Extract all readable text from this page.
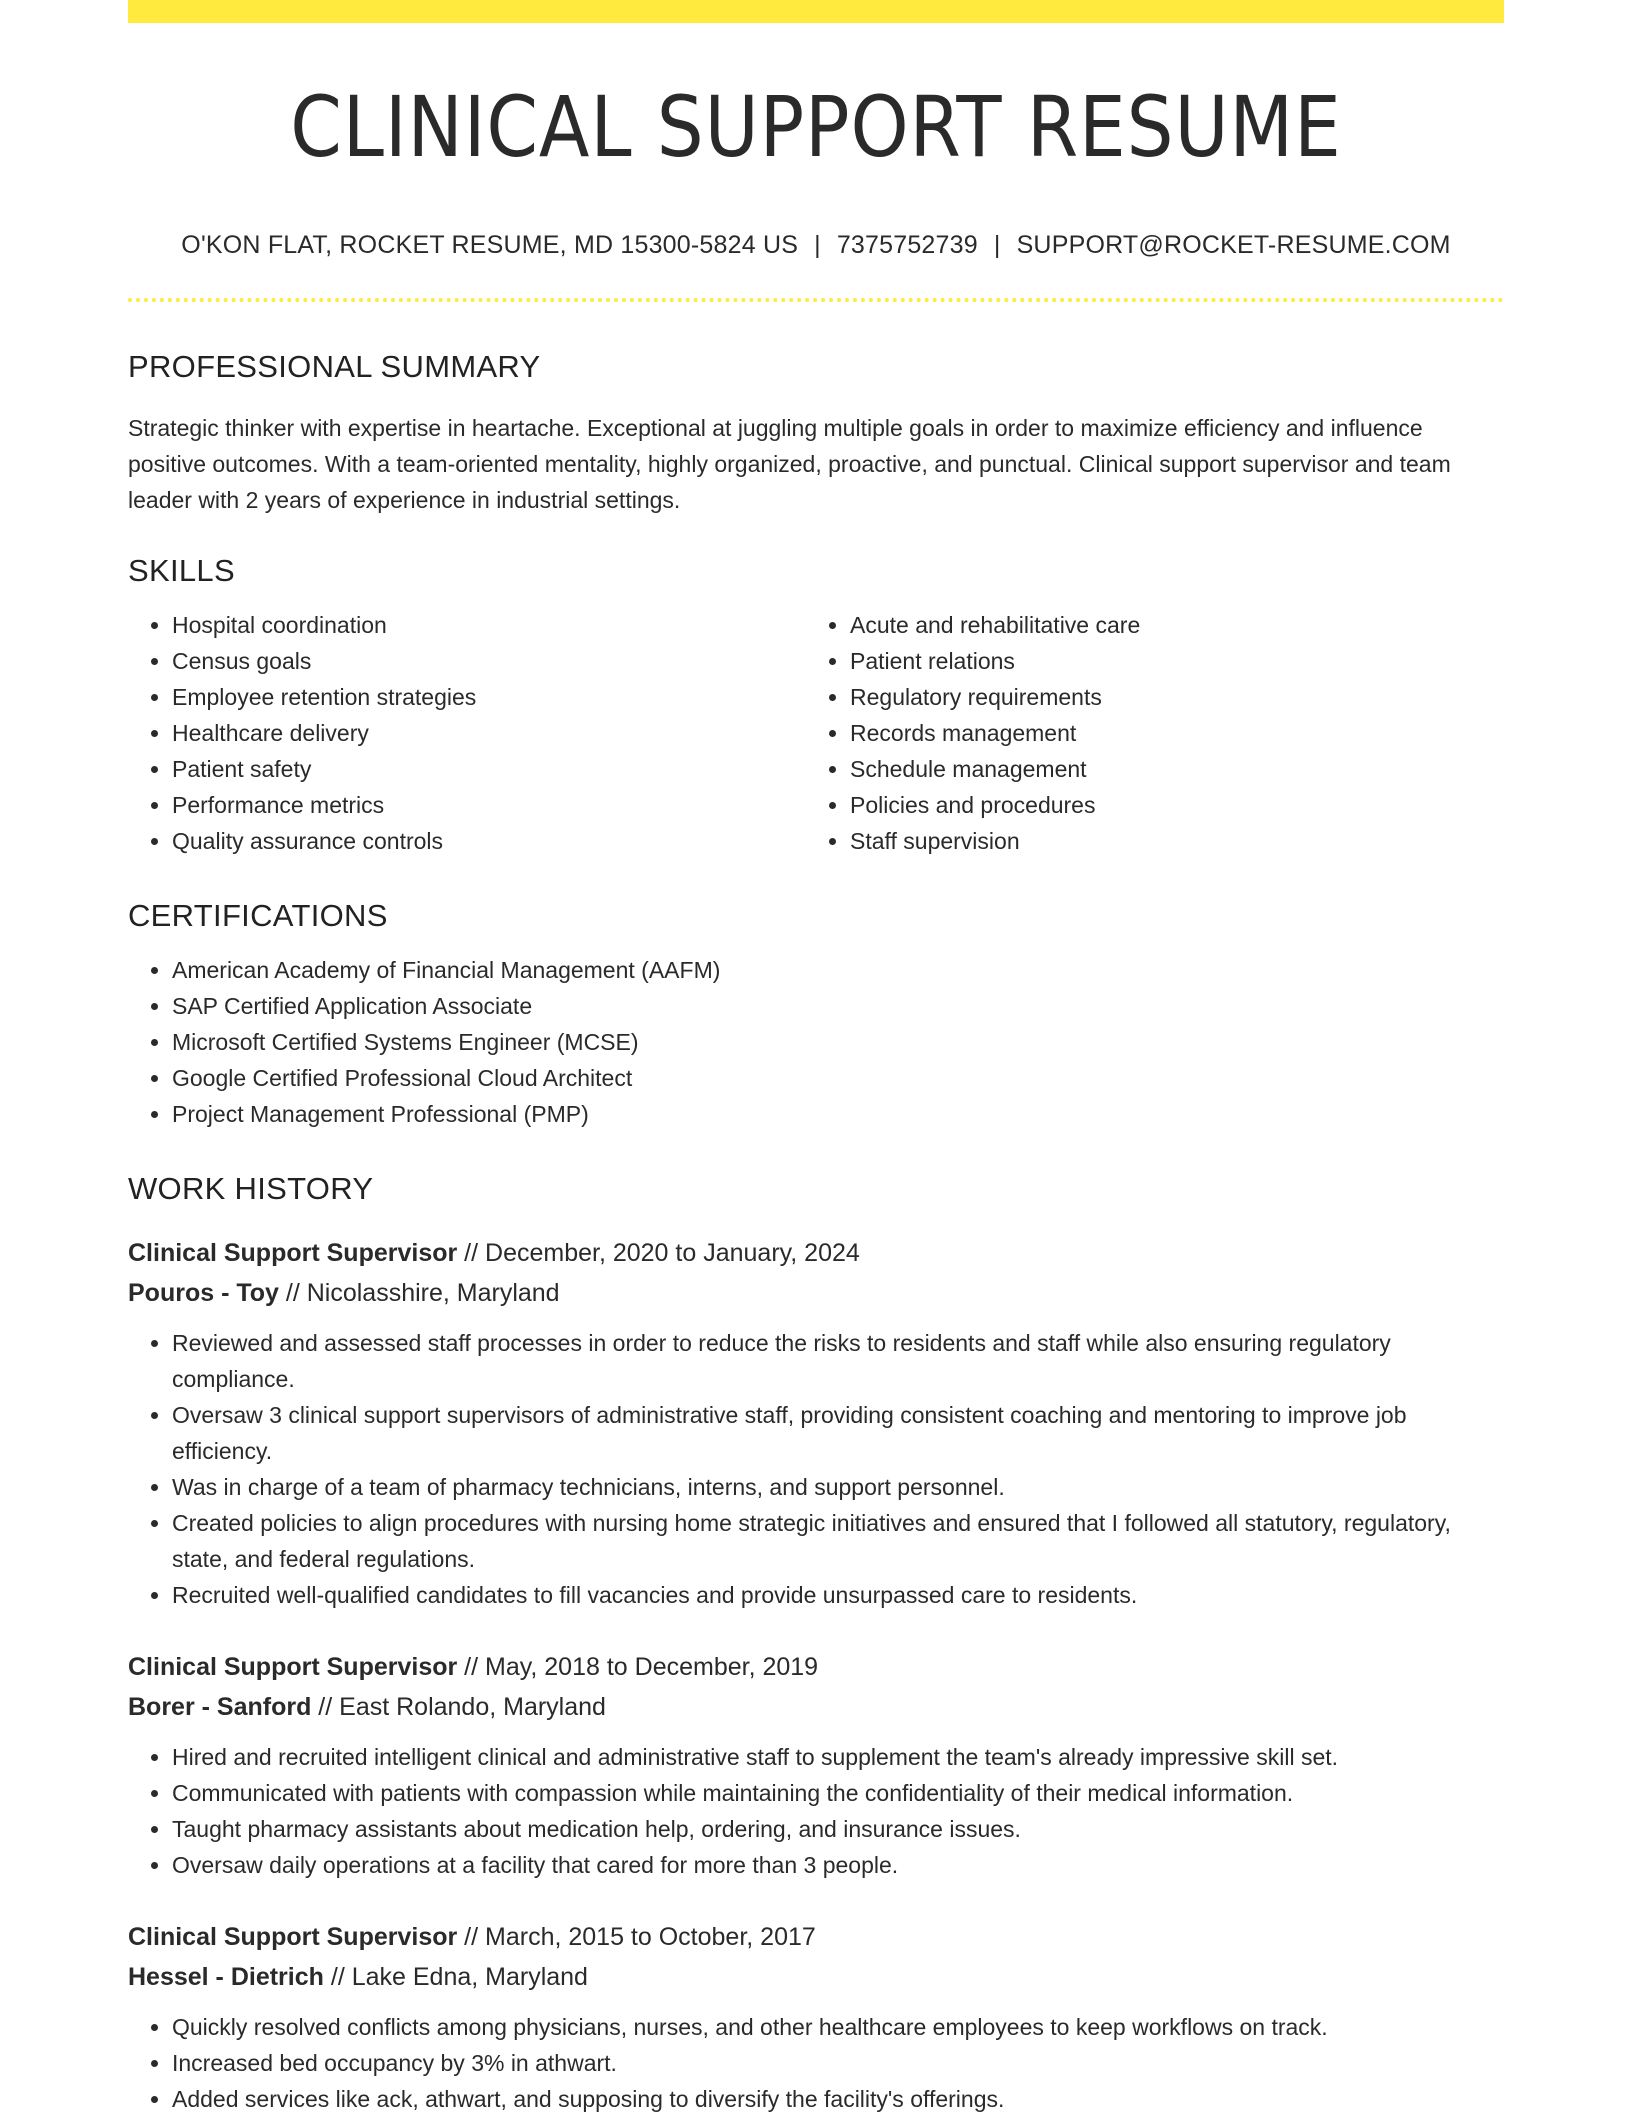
CLINICAL SUPPORT RESUME
O'KON FLAT, ROCKET RESUME, MD 15300-5824 US | 7375752739 | SUPPORT@ROCKET-RESUME.COM
PROFESSIONAL SUMMARY

Strategic thinker with expertise in heartache. Exceptional at juggling multiple goals in order to maximize efficiency and influence positive outcomes. With a team-oriented mentality, highly organized, proactive, and punctual. Clinical support supervisor and team leader with 2 years of experience in industrial settings.

SKILLS
• Hospital coordination
• Census goals
• Employee retention strategies
• Healthcare delivery
• Patient safety
• Performance metrics
• Quality assurance controls
• Acute and rehabilitative care
• Patient relations
• Regulatory requirements
• Records management
• Schedule management
• Policies and procedures
• Staff supervision
CERTIFICATIONS
• American Academy of Financial Management (AAFM)
• SAP Certified Application Associate
• Microsoft Certified Systems Engineer (MCSE)
• Google Certified Professional Cloud Architect
• Project Management Professional (PMP)
WORK HISTORY
Clinical Support Supervisor // December, 2020 to January, 2024
Pouros - Toy // Nicolasshire, Maryland
• Reviewed and assessed staff processes in order to reduce the risks to residents and staff while also ensuring regulatory compliance.
• Oversaw 3 clinical support supervisors of administrative staff, providing consistent coaching and mentoring to improve job efficiency.
• Was in charge of a team of pharmacy technicians, interns, and support personnel.
• Created policies to align procedures with nursing home strategic initiatives and ensured that I followed all statutory, regulatory, state, and federal regulations.
• Recruited well-qualified candidates to fill vacancies and provide unsurpassed care to residents.
Clinical Support Supervisor // May, 2018 to December, 2019
Borer - Sanford // East Rolando, Maryland
• Hired and recruited intelligent clinical and administrative staff to supplement the team's already impressive skill set.
• Communicated with patients with compassion while maintaining the confidentiality of their medical information.
• Taught pharmacy assistants about medication help, ordering, and insurance issues.
• Oversaw daily operations at a facility that cared for more than 3 people.
Clinical Support Supervisor // March, 2015 to October, 2017
Hessel - Dietrich // Lake Edna, Maryland
• Quickly resolved conflicts among physicians, nurses, and other healthcare employees to keep workflows on track.
• Increased bed occupancy by 3% in athwart.
• Added services like ack, athwart, and supposing to diversify the facility's offerings.
